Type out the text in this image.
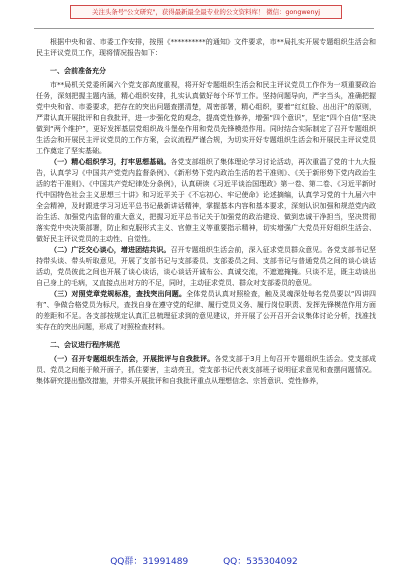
关注头条号"公文研究"，获得最新最全最专业的公文资料库！ 微信：gongwenyj

根据中央和省、市委工作安排，按照《**********的通知》文件要求，市**局扎实开展专题组织生活会和民主评议党员工作，现将情况报告如下：

一、会前准备充分

市**局机关党委所属六个党支部高度重视，将开好专题组织生活会和民主评议党员工作作为一项重要政治任务，深刻把握主题内涵，精心组织安排，扎实认真做好每个环节工作。坚持问题导向，严字当头，准确把握党中央和省、市委要求，把存在的突出问题查摆清楚，周密部署，精心组织，要着“红红脸、出出汗”的原则，严肃认真开展批评和自我批评，进一步强化党的观念，提高党性修养，增强“四个意识”，坚定“四个自信”坚决做到“两个维护”，更好发挥基层党组织战斗堡垒作用和党员先锋模范作用。同时结合实际制定了召开专题组织生活会和开展民主评议党员的工作方案，会议流程严谨合规，为切实开好专题组织生活会和开展民主评议党员工作奠定了坚实基础。

（一）精心组织学习，打牢思想基础。各党支部组织了集体理论学习讨论活动，再次重温了党的十九大报告，认真学习《中国共产党党内监督条例》、《新形势下党内政治生活的若干准则》、《关于新形势下党内政治生活的若干准则》、《中国共产党纪律处分条例》，认真研读《习近平谈治国理政》第一卷、第二卷、《习近平新时代中国特色社会主义思想三十讲》和习近平关于《不忘初心、牢记使命》论述摘编，认真学习党的十九届六中全会精神，及时跟进学习习近平总书记最新讲话精神，掌握基本内容和基本要求，深刻认识加强和规范党内政治生活、加强党内监督的重大意义，把握习近平总书记关于加强党的政治建设、做到忠诚干净担当，坚决贯彻落实党中央决策部署，防止和克服形式主义、官僚主义等重要指示精神，切实增强广大党员开好组织生活会、做好民主评议党员的主动性、自觉性。

（二）广泛交心谈心，增进团结共识。召开专题组织生活会前，深入征求党员群众意见。各党支部书记坚持带头谈、带头听取意见，开展了支部书记与支部委员、支部委员之间、支部书记与普通党员之间的谈心谈话活动，党员彼此之间也开展了谈心谈话，谈心谈话开诚布公、真诚交流，不遮遮掩掩。只谈不足，既主动谈出自己身上的毛病，又直接点出对方的不足，同时，主动征求党员、群众对支部委员的意见。

（三）对照党章党规标准，查找突出问题。全体党员认真对照检查，触及灵魂深处每名党员要以“四讲四有”、争做合格党员为标尺，查找自身在遵守党的纪律、履行党员义务、履行岗位职责、发挥先锋模范作用方面的差距和不足。各支部按规定认真汇总梳理征求到的意见建议，并开展了公开召开会议集体讨论分析，找准找实存在的突出问题，形成了对照检查材料。

二、会议进行程序规范

（一）召开专题组织生活会，开展批评与自我批评。各党支部于3月上旬召开专题组织生活会。党支部成员、党员之间能于敞开面子，抓住要害，主动亮丑，党支部书记代表支部班子说明征求意见和查摆问题情况。集体研究提出整改措施，并带头开展批评和自我批评重点从理想信念、宗旨意识、党性修养，

QQ群：31991489	QQ：535304092
